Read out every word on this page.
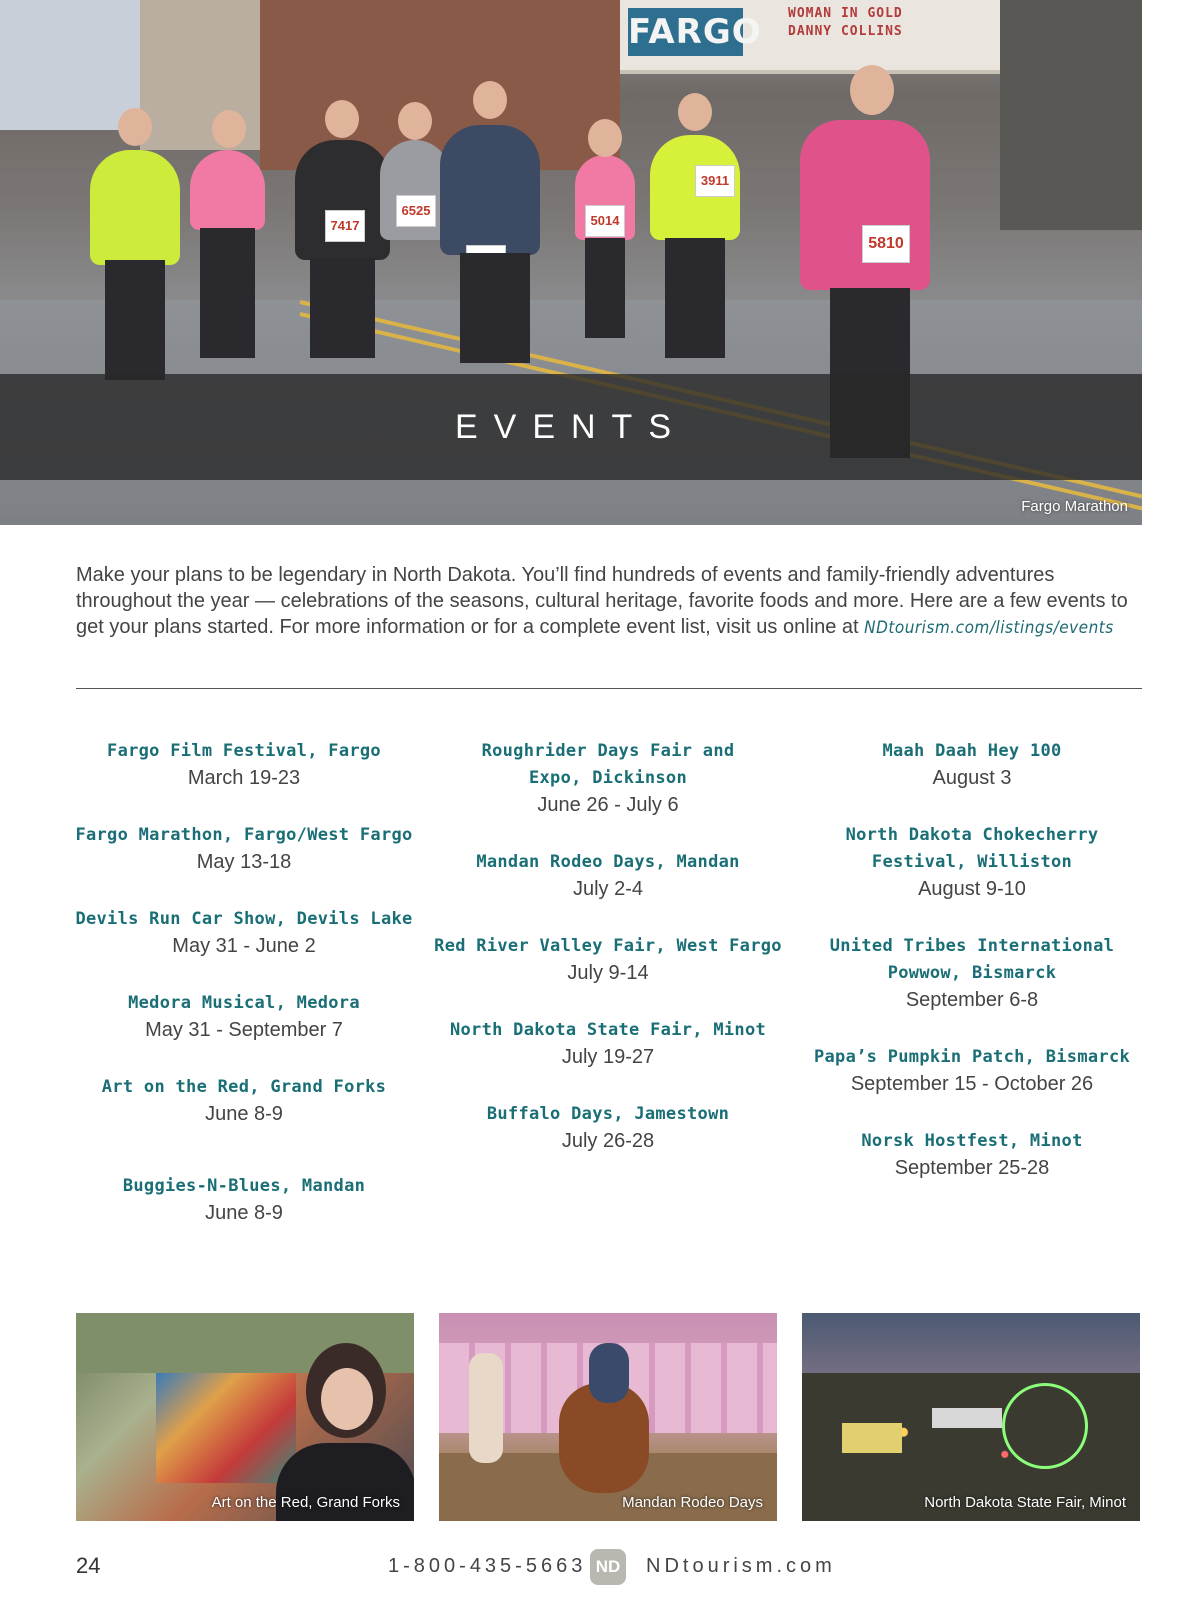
FARGO WOMAN IN GOLD
DANNY COLLINS
7417
6525
5014
3911
5810
EVENTS
Fargo Marathon

Make your plans to be legendary in North Dakota. You’ll find hundreds of events and family-friendly adventures throughout the year — celebrations of the seasons, cultural heritage, favorite foods and more. Here are a few events to get your plans started. For more information or for a complete event list, visit us online at NDtourism.com/listings/events

Fargo Film Festival, Fargo
March 19-23
Fargo Marathon, Fargo/West Fargo
May 13-18
Devils Run Car Show, Devils Lake
May 31 - June 2
Medora Musical, Medora
May 31 - September 7
Art on the Red, Grand Forks
June 8-9
Buggies-N-Blues, Mandan
June 8-9
Roughrider Days Fair and Expo, Dickinson
June 26 - July 6
Mandan Rodeo Days, Mandan
July 2-4
Red River Valley Fair, West Fargo
July 9-14
North Dakota State Fair, Minot
July 19-27
Buffalo Days, Jamestown
July 26-28
Maah Daah Hey 100
August 3
North Dakota Chokecherry Festival, Williston
August 9-10
United Tribes International Powwow, Bismarck
September 6-8
Papa’s Pumpkin Patch, Bismarck
September 15 - October 26
Norsk Hostfest, Minot
September 25-28
Art on the Red, Grand Forks	Mandan Rodeo Days	North Dakota State Fair, Minot
24	1-800-435-5663 ND NDtourism.com
